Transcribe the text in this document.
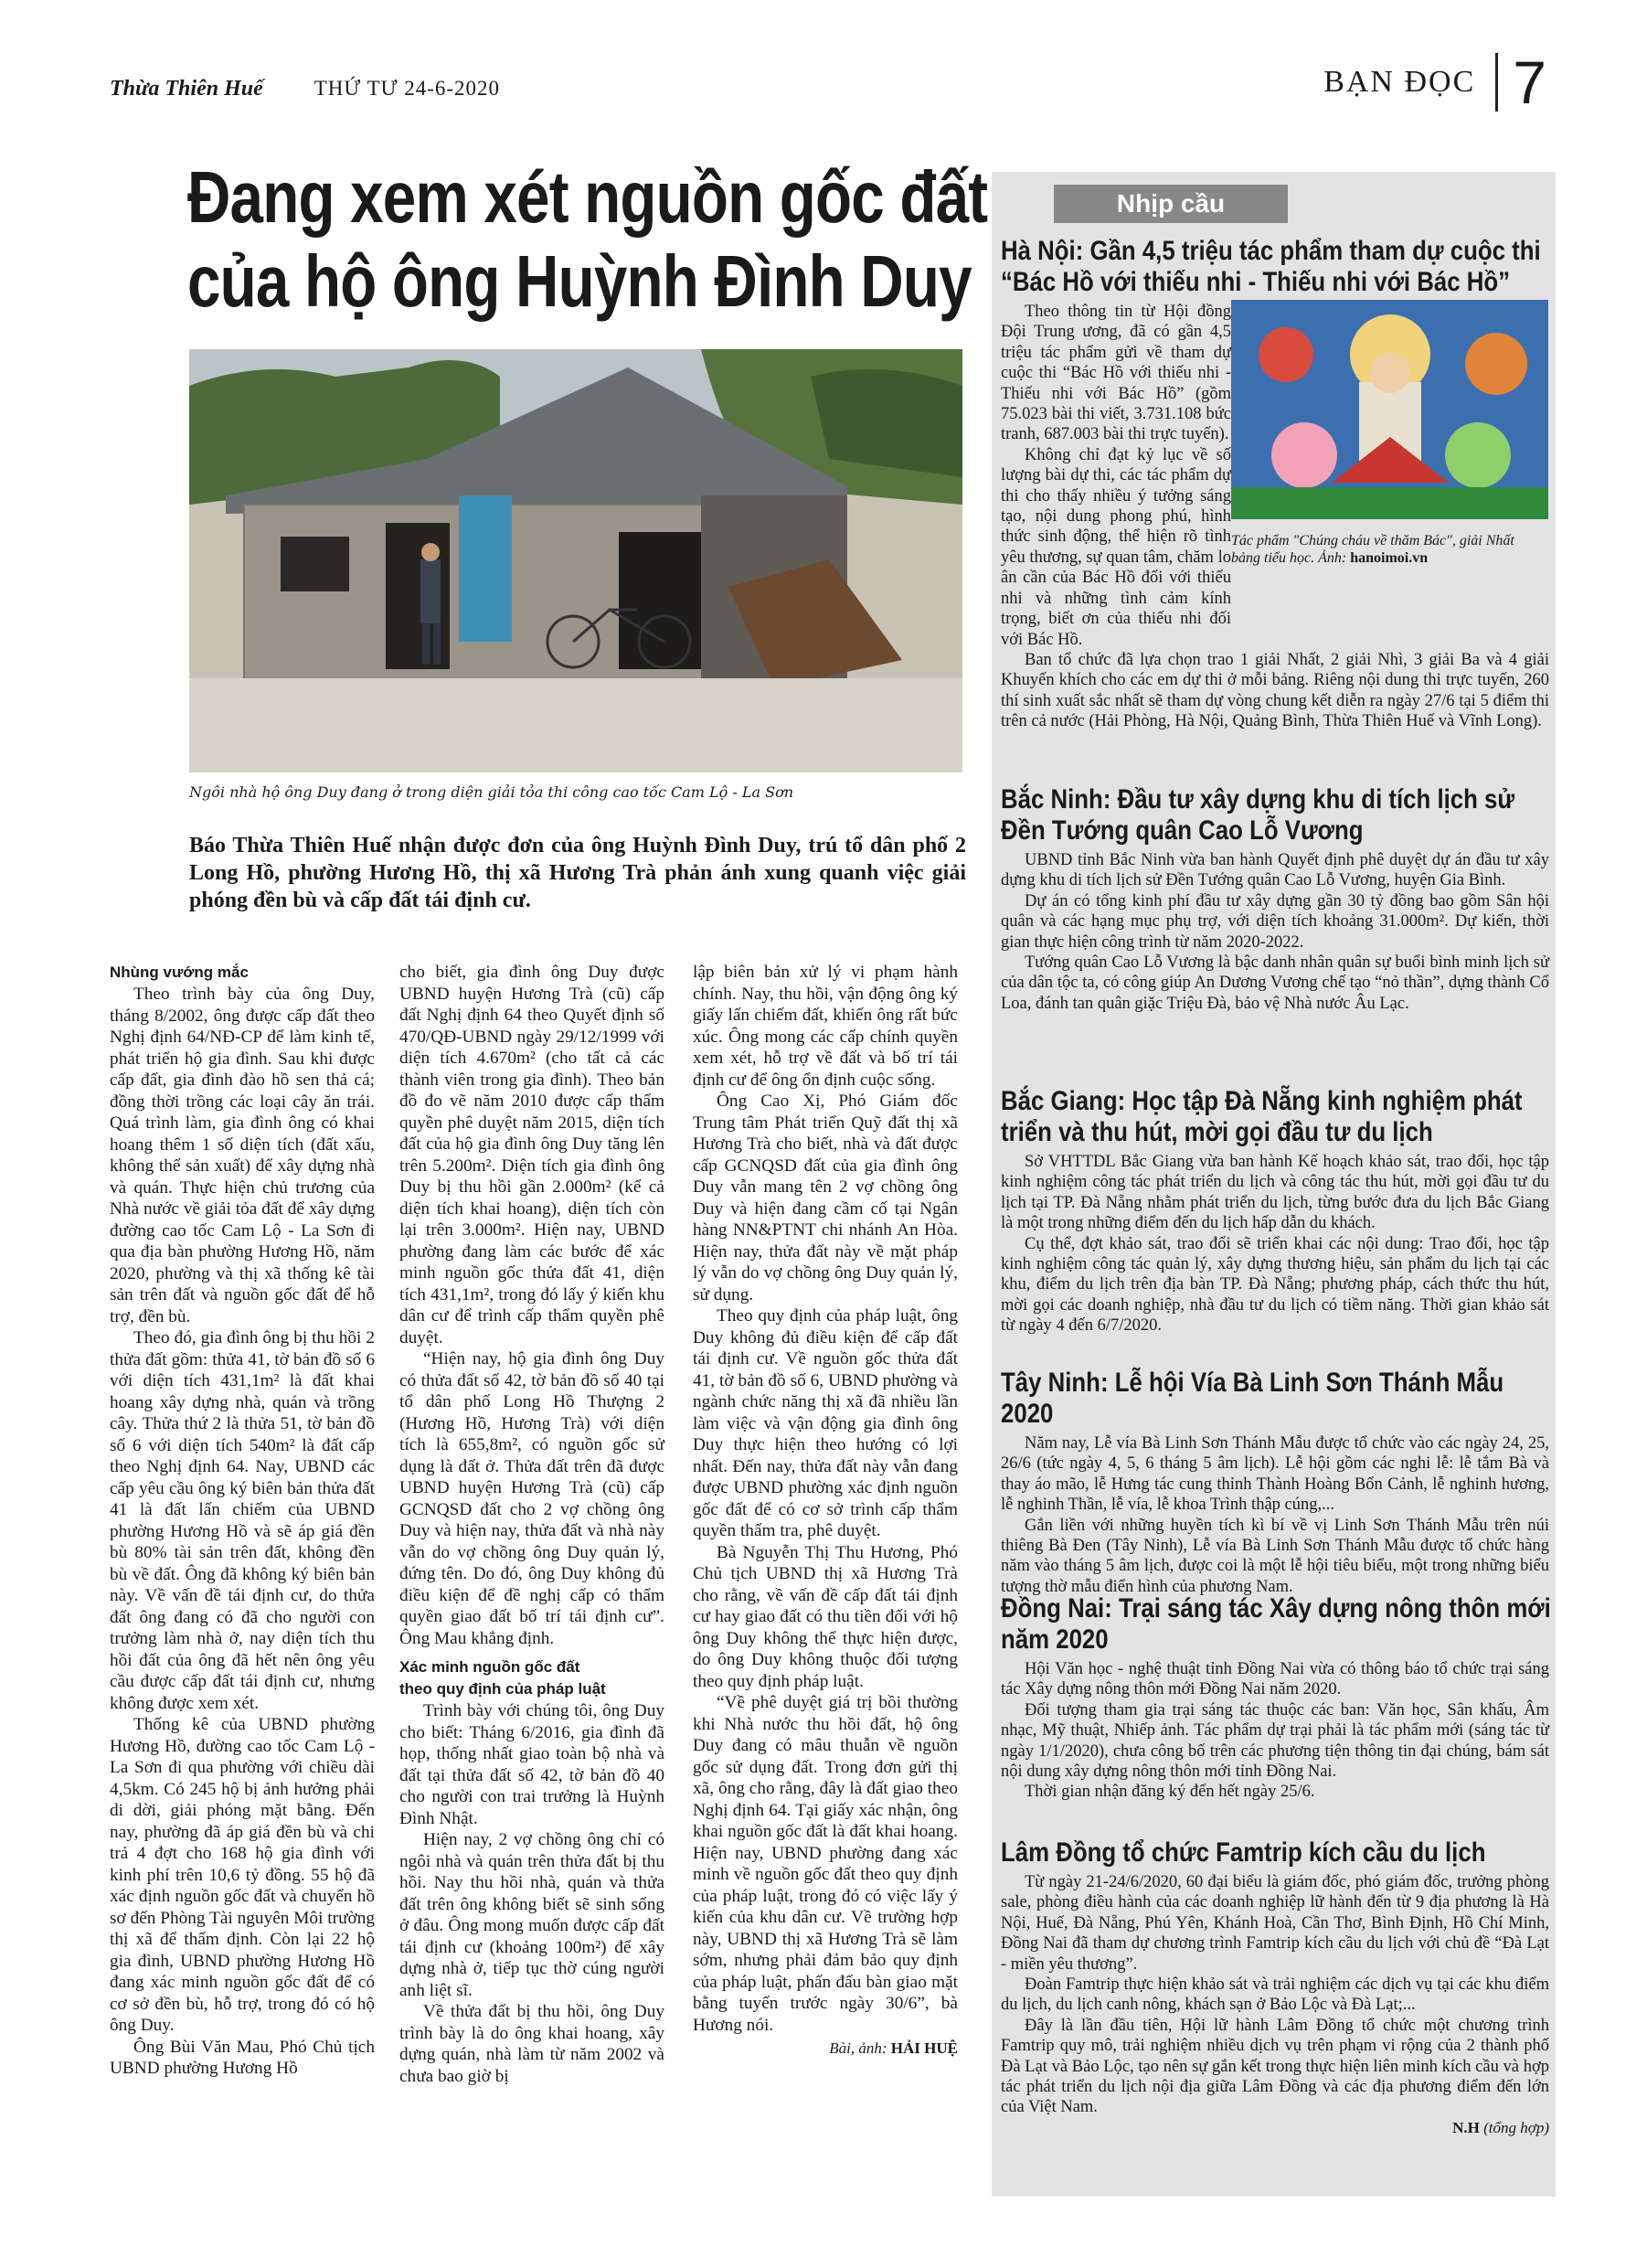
Thừa Thiên Huế THỨ TƯ 24-6-2020	BẠN ĐỌC 7
Đang xem xét nguồn gốc đất
của hộ ông Huỳnh Đình Duy
Ngôi nhà hộ ông Duy đang ở trong diện giải tỏa thi công cao tốc Cam Lộ - La Sơn
Báo Thừa Thiên Huế nhận được đơn của ông Huỳnh Đình Duy, trú tổ dân phố 2 Long Hồ, phường Hương Hồ, thị xã Hương Trà phản ánh xung quanh việc giải phóng đền bù và cấp đất tái định cư.
Nhùng vướng mắc

Theo trình bày của ông Duy, tháng 8/2002, ông được cấp đất theo Nghị định 64/NĐ-CP để làm kinh tế, phát triển hộ gia đình. Sau khi được cấp đất, gia đình đào hồ sen thả cá; đồng thời trồng các loại cây ăn trái. Quá trình làm, gia đình ông có khai hoang thêm 1 số diện tích (đất xấu, không thể sản xuất) để xây dựng nhà và quán. Thực hiện chủ trương của Nhà nước về giải tỏa đất để xây dựng đường cao tốc Cam Lộ - La Sơn đi qua địa bàn phường Hương Hồ, năm 2020, phường và thị xã thống kê tài sản trên đất và nguồn gốc đất để hỗ trợ, đền bù.

Theo đó, gia đình ông bị thu hồi 2 thửa đất gồm: thửa 41, tờ bản đồ số 6 với diện tích 431,1m² là đất khai hoang xây dựng nhà, quán và trồng cây. Thửa thứ 2 là thửa 51, tờ bản đồ số 6 với diện tích 540m² là đất cấp theo Nghị định 64. Nay, UBND các cấp yêu cầu ông ký biên bản thửa đất 41 là đất lấn chiếm của UBND phường Hương Hồ và sẽ áp giá đền bù 80% tài sản trên đất, không đền bù về đất. Ông đã không ký biên bản này. Về vấn đề tái định cư, do thửa đất ông đang có đã cho người con trưởng làm nhà ở, nay diện tích thu hồi đất của ông đã hết nên ông yêu cầu được cấp đất tái định cư, nhưng không được xem xét.

Thống kê của UBND phường Hương Hồ, đường cao tốc Cam Lộ - La Sơn đi qua phường với chiều dài 4,5km. Có 245 hộ bị ảnh hưởng phải di dời, giải phóng mặt bằng. Đến nay, phường đã áp giá đền bù và chi trả 4 đợt cho 168 hộ gia đình với kinh phí trên 10,6 tỷ đồng. 55 hộ đã xác định nguồn gốc đất và chuyển hồ sơ đến Phòng Tài nguyên Môi trường thị xã để thẩm định. Còn lại 22 hộ gia đình, UBND phường Hương Hồ đang xác minh nguồn gốc đất để có cơ sở đền bù, hỗ trợ, trong đó có hộ ông Duy.

Ông Bùi Văn Mau, Phó Chủ tịch UBND phường Hương Hồ

cho biết, gia đình ông Duy được UBND huyện Hương Trà (cũ) cấp đất Nghị định 64 theo Quyết định số 470/QĐ-UBND ngày 29/12/1999 với diện tích 4.670m² (cho tất cả các thành viên trong gia đình). Theo bản đồ đo vẽ năm 2010 được cấp thẩm quyền phê duyệt năm 2015, diện tích đất của hộ gia đình ông Duy tăng lên trên 5.200m². Diện tích gia đình ông Duy bị thu hồi gần 2.000m² (kể cả diện tích khai hoang), diện tích còn lại trên 3.000m². Hiện nay, UBND phường đang làm các bước để xác minh nguồn gốc thửa đất 41, diện tích 431,1m², trong đó lấy ý kiến khu dân cư để trình cấp thẩm quyền phê duyệt.

“Hiện nay, hộ gia đình ông Duy có thửa đất số 42, tờ bản đồ số 40 tại tổ dân phố Long Hồ Thượng 2 (Hương Hồ, Hương Trà) với diện tích là 655,8m², có nguồn gốc sử dụng là đất ở. Thửa đất trên đã được UBND huyện Hương Trà (cũ) cấp GCNQSD đất cho 2 vợ chồng ông Duy và hiện nay, thửa đất và nhà này vẫn do vợ chồng ông Duy quản lý, đứng tên. Do đó, ông Duy không đủ điều kiện để đề nghị cấp có thẩm quyền giao đất bố trí tái định cư”. Ông Mau khẳng định.

Xác minh nguồn gốc đất
theo quy định của pháp luật

Trình bày với chúng tôi, ông Duy cho biết: Tháng 6/2016, gia đình đã họp, thống nhất giao toàn bộ nhà và đất tại thửa đất số 42, tờ bản đồ 40 cho người con trai trưởng là Huỳnh Đình Nhật.

Hiện nay, 2 vợ chồng ông chỉ có ngôi nhà và quán trên thửa đất bị thu hồi. Nay thu hồi nhà, quán và thửa đất trên ông không biết sẽ sinh sống ở đâu. Ông mong muốn được cấp đất tái định cư (khoảng 100m²) để xây dựng nhà ở, tiếp tục thờ cúng người anh liệt sĩ.

Về thửa đất bị thu hồi, ông Duy trình bày là do ông khai hoang, xây dựng quán, nhà làm từ năm 2002 và chưa bao giờ bị

lập biên bản xử lý vi phạm hành chính. Nay, thu hồi, vận động ông ký giấy lấn chiếm đất, khiến ông rất bức xúc. Ông mong các cấp chính quyền xem xét, hỗ trợ về đất và bố trí tái định cư để ông ổn định cuộc sống.

Ông Cao Xị, Phó Giám đốc Trung tâm Phát triển Quỹ đất thị xã Hương Trà cho biết, nhà và đất được cấp GCNQSD đất của gia đình ông Duy vẫn mang tên 2 vợ chồng ông Duy và hiện đang cầm cố tại Ngân hàng NN&PTNT chi nhánh An Hòa. Hiện nay, thửa đất này về mặt pháp lý vẫn do vợ chồng ông Duy quản lý, sử dụng.

Theo quy định của pháp luật, ông Duy không đủ điều kiện để cấp đất tái định cư. Về nguồn gốc thửa đất 41, tờ bản đồ số 6, UBND phường và ngành chức năng thị xã đã nhiều lần làm việc và vận động gia đình ông Duy thực hiện theo hướng có lợi nhất. Đến nay, thửa đất này vẫn đang được UBND phường xác định nguồn gốc đất để có cơ sở trình cấp thẩm quyền thẩm tra, phê duyệt.

Bà Nguyễn Thị Thu Hương, Phó Chủ tịch UBND thị xã Hương Trà cho rằng, về vấn đề cấp đất tái định cư hay giao đất có thu tiền đối với hộ ông Duy không thể thực hiện được, do ông Duy không thuộc đối tượng theo quy định pháp luật.

“Về phê duyệt giá trị bồi thường khi Nhà nước thu hồi đất, hộ ông Duy đang có mâu thuẫn về nguồn gốc sử dụng đất. Trong đơn gửi thị xã, ông cho rằng, đây là đất giao theo Nghị định 64. Tại giấy xác nhận, ông khai nguồn gốc đất là đất khai hoang. Hiện nay, UBND phường đang xác minh về nguồn gốc đất theo quy định của pháp luật, trong đó có việc lấy ý kiến của khu dân cư. Về trường hợp này, UBND thị xã Hương Trà sẽ làm sớm, nhưng phải đảm bảo quy định của pháp luật, phấn đấu bàn giao mặt bằng tuyến trước ngày 30/6”, bà Hương nói.

Bài, ảnh: HẢI HUỆ
Nhịp cầu
Hà Nội: Gần 4,5 triệu tác phẩm tham dự cuộc thi “Bác Hồ với thiếu nhi - Thiếu nhi với Bác Hồ”

Theo thông tin từ Hội đồng Đội Trung ương, đã có gần 4,5 triệu tác phẩm gửi về tham dự cuộc thi “Bác Hồ với thiếu nhi - Thiếu nhi với Bác Hồ” (gồm 75.023 bài thi viết, 3.731.108 bức tranh, 687.003 bài thi trực tuyến).

Không chỉ đạt kỷ lục về số lượng bài dự thi, các tác phẩm dự thi cho thấy nhiều ý tưởng sáng tạo, nội dung phong phú, hình thức sinh động, thể hiện rõ tình yêu thương, sự quan tâm, chăm lo ân cần của Bác Hồ đối với thiếu nhi và những tình cảm kính trọng, biết ơn của thiếu nhi đối với Bác Hồ.

Ban tổ chức đã lựa chọn trao 1 giải Nhất, 2 giải Nhì, 3 giải Ba và 4 giải Khuyến khích cho các em dự thi ở mỗi bảng. Riêng nội dung thi trực tuyến, 260 thí sinh xuất sắc nhất sẽ tham dự vòng chung kết diễn ra ngày 27/6 tại 5 điểm thi trên cả nước (Hải Phòng, Hà Nội, Quảng Bình, Thừa Thiên Huế và Vĩnh Long).

Tác phẩm "Chúng cháu về thăm Bác", giải Nhất bảng tiểu học. Ảnh: hanoimoi.vn
Bắc Ninh: Đầu tư xây dựng khu di tích lịch sử Đền Tướng quân Cao Lỗ Vương

UBND tỉnh Bắc Ninh vừa ban hành Quyết định phê duyệt dự án đầu tư xây dựng khu di tích lịch sử Đền Tướng quân Cao Lỗ Vương, huyện Gia Bình.

Dự án có tổng kinh phí đầu tư xây dựng gần 30 tỷ đồng bao gồm Sân hội quân và các hạng mục phụ trợ, với diện tích khoảng 31.000m². Dự kiến, thời gian thực hiện công trình từ năm 2020-2022.

Tướng quân Cao Lỗ Vương là bậc danh nhân quân sự buổi bình minh lịch sử của dân tộc ta, có công giúp An Dương Vương chế tạo “nỏ thần”, dựng thành Cổ Loa, đánh tan quân giặc Triệu Đà, bảo vệ Nhà nước Âu Lạc.

Bắc Giang: Học tập Đà Nẵng kinh nghiệm phát triển và thu hút, mời gọi đầu tư du lịch

Sở VHTTDL Bắc Giang vừa ban hành Kế hoạch khảo sát, trao đổi, học tập kinh nghiệm công tác phát triển du lịch và công tác thu hút, mời gọi đầu tư du lịch tại TP. Đà Nẵng nhằm phát triển du lịch, từng bước đưa du lịch Bắc Giang là một trong những điểm đến du lịch hấp dẫn du khách.

Cụ thể, đợt khảo sát, trao đổi sẽ triển khai các nội dung: Trao đổi, học tập kinh nghiệm công tác quản lý, xây dựng thương hiệu, sản phẩm du lịch tại các khu, điểm du lịch trên địa bàn TP. Đà Nẵng; phương pháp, cách thức thu hút, mời gọi các doanh nghiệp, nhà đầu tư du lịch có tiềm năng. Thời gian khảo sát từ ngày 4 đến 6/7/2020.

Tây Ninh: Lễ hội Vía Bà Linh Sơn Thánh Mẫu 2020

Năm nay, Lễ vía Bà Linh Sơn Thánh Mẫu được tổ chức vào các ngày 24, 25, 26/6 (tức ngày 4, 5, 6 tháng 5 âm lịch). Lễ hội gồm các nghi lễ: lễ tắm Bà và thay áo mão, lễ Hưng tác cung thỉnh Thành Hoàng Bổn Cảnh, lễ nghinh hương, lễ nghinh Thần, lễ vía, lễ khoa Trình thập cúng,...

Gắn liền với những huyền tích kì bí về vị Linh Sơn Thánh Mẫu trên núi thiêng Bà Đen (Tây Ninh), Lễ vía Bà Linh Sơn Thánh Mẫu được tổ chức hàng năm vào tháng 5 âm lịch, được coi là một lễ hội tiêu biểu, một trong những biểu tượng thờ mẫu điển hình của phương Nam.

Đồng Nai: Trại sáng tác Xây dựng nông thôn mới năm 2020

Hội Văn học - nghệ thuật tỉnh Đồng Nai vừa có thông báo tổ chức trại sáng tác Xây dựng nông thôn mới Đồng Nai năm 2020.

Đối tượng tham gia trại sáng tác thuộc các ban: Văn học, Sân khấu, Âm nhạc, Mỹ thuật, Nhiếp ảnh. Tác phẩm dự trại phải là tác phẩm mới (sáng tác từ ngày 1/1/2020), chưa công bố trên các phương tiện thông tin đại chúng, bám sát nội dung xây dựng nông thôn mới tỉnh Đồng Nai.

Thời gian nhận đăng ký đến hết ngày 25/6.

Lâm Đồng tổ chức Famtrip kích cầu du lịch

Từ ngày 21-24/6/2020, 60 đại biểu là giám đốc, phó giám đốc, trưởng phòng sale, phòng điều hành của các doanh nghiệp lữ hành đến từ 9 địa phương là Hà Nội, Huế, Đà Nẵng, Phú Yên, Khánh Hoà, Cần Thơ, Bình Định, Hồ Chí Minh, Đồng Nai đã tham dự chương trình Famtrip kích cầu du lịch với chủ đề “Đà Lạt - miền yêu thương”.

Đoàn Famtrip thực hiện khảo sát và trải nghiệm các dịch vụ tại các khu điểm du lịch, du lịch canh nông, khách sạn ở Bảo Lộc và Đà Lạt;...

Đây là lần đầu tiên, Hội lữ hành Lâm Đồng tổ chức một chương trình Famtrip quy mô, trải nghiệm nhiều dịch vụ trên phạm vi rộng của 2 thành phố Đà Lạt và Bảo Lộc, tạo nên sự gắn kết trong thực hiện liên minh kích cầu và hợp tác phát triển du lịch nội địa giữa Lâm Đồng và các địa phương điểm đến lớn của Việt Nam.

N.H (tổng hợp)
